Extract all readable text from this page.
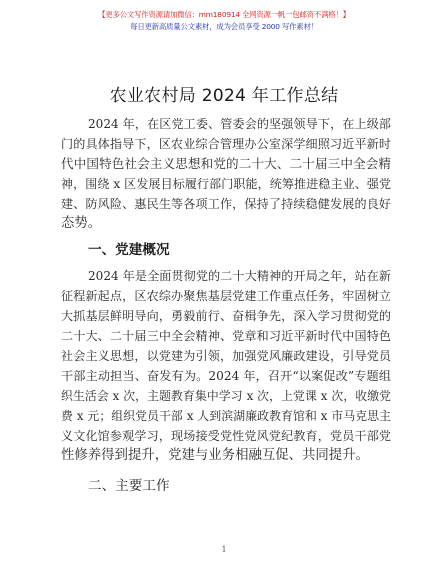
【更多公文写作资源请加微信：mm180914 全网资源一帆一包邮资不满格！】
每日更新高质量公文素材，成为会员享受 2000 写作素材！
农业农村局 2024 年工作总结
2024 年，在区党工委、管委会的坚强领导下，在上级部
门的具体指导下，区农业综合管理办公室深学细照习近平新时
代中国特色社会主义思想和党的二十大、二十届三中全会精
神，围绕 x 区发展目标履行部门职能，统筹推进稳主业、强党
建、防风险、惠民生等各项工作，保持了持续稳健发展的良好
态势。
一、党建概况
2024 年是全面贯彻党的二十大精神的开局之年，站在新
征程新起点，区农综办聚焦基层党建工作重点任务，牢固树立
大抓基层鲜明导向，勇毅前行、奋楫争先，深入学习贯彻党的
二十大、二十届三中全会精神、党章和习近平新时代中国特色
社会主义思想，以党建为引领，加强党风廉政建设，引导党员
干部主动担当、奋发有为。2024 年，召开“以案促改”专题组
织生活会 x 次，主题教育集中学习 x 次，上党课 x 次，收缴党
费 x 元；组织党员干部 x 人到滨湖廉政教育馆和 x 市马克思主
义文化馆参观学习，现场接受党性党风党纪教育，党员干部党
性修养得到提升，党建与业务相融互促、共同提升。
二、主要工作
1
